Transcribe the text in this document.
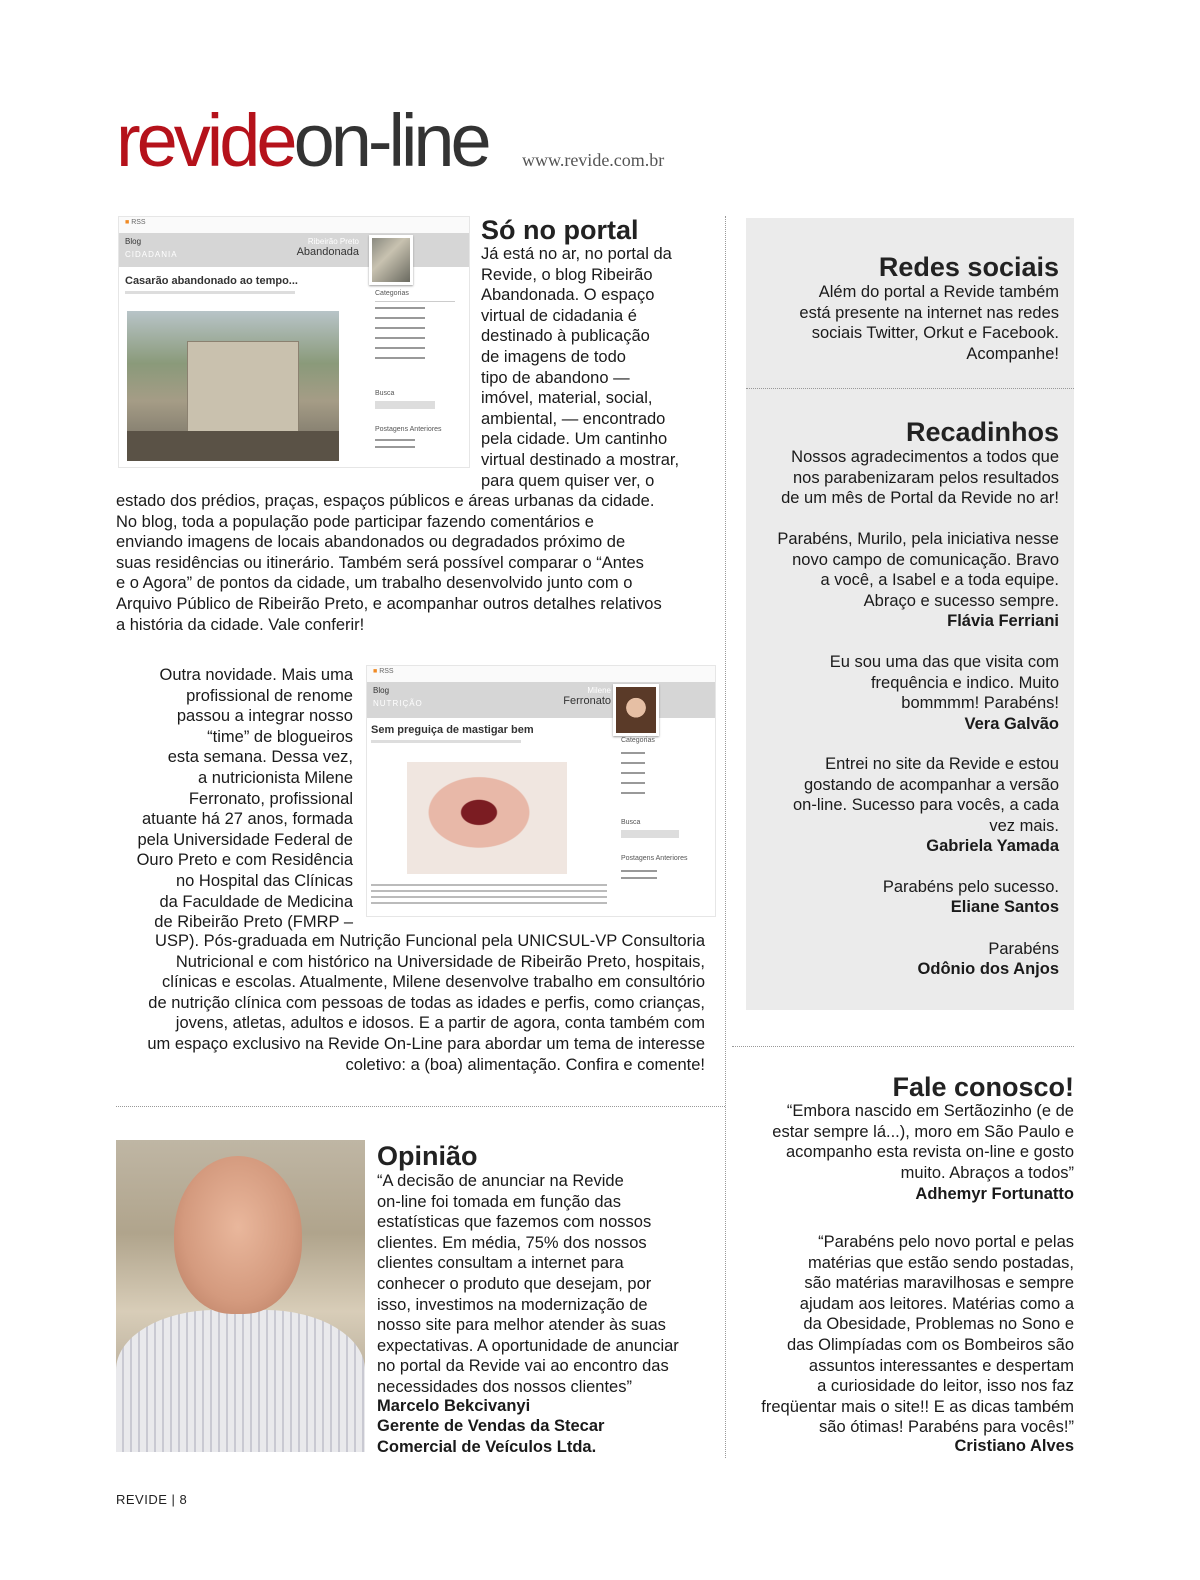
revideon-line www.revide.com.br
■ RSS
Blog
CIDADANIA
Ribeirão Preto
Abandonada
Casarão abandonado ao tempo...
Categorias
Busca
Postagens Anteriores
Só no portal
Já está no ar, no portal da
Revide, o blog Ribeirão
Abandonada. O espaço
virtual de cidadania é
destinado à publicação
de imagens de todo
tipo de abandono —
imóvel, material, social,
ambiental, — encontrado
pela cidade. Um cantinho
virtual destinado a mostrar,
para quem quiser ver, o
estado dos prédios, praças, espaços públicos e áreas urbanas da cidade.
No blog, toda a população pode participar fazendo comentários e
enviando imagens de locais abandonados ou degradados próximo de
suas residências ou itinerário. Também será possível comparar o “Antes
e o Agora” de pontos da cidade, um trabalho desenvolvido junto com o
Arquivo Público de Ribeirão Preto, e acompanhar outros detalhes relativos
a história da cidade. Vale conferir!
Outra novidade. Mais uma
profissional de renome
passou a integrar nosso
“time” de blogueiros
esta semana. Dessa vez,
a nutricionista Milene
Ferronato, profissional
atuante há 27 anos, formada
pela Universidade Federal de
Ouro Preto e com Residência
no Hospital das Clínicas
da Faculdade de Medicina
de Ribeirão Preto (FMRP –
■ RSS
Blog
NUTRIÇÃO
Milene
Ferronato
Sem preguiça de mastigar bem
Categorias
Busca
Postagens Anteriores
USP). Pós-graduada em Nutrição Funcional pela UNICSUL-VP Consultoria
Nutricional e com histórico na Universidade de Ribeirão Preto, hospitais,
clínicas e escolas. Atualmente, Milene desenvolve trabalho em consultório
de nutrição clínica com pessoas de todas as idades e perfis, como crianças,
jovens, atletas, adultos e idosos. E a partir de agora, conta também com
um espaço exclusivo na Revide On-Line para abordar um tema de interesse
coletivo: a (boa) alimentação. Confira e comente!
Opinião
“A decisão de anunciar na Revide
on-line foi tomada em função das
estatísticas que fazemos com nossos
clientes. Em média, 75% dos nossos
clientes consultam a internet para
conhecer o produto que desejam, por
isso, investimos na modernização de
nosso site para melhor atender às suas
expectativas. A oportunidade de anunciar
no portal da Revide vai ao encontro das
necessidades dos nossos clientes”
Marcelo Bekcivanyi
Gerente de Vendas da Stecar
Comercial de Veículos Ltda.
Redes sociais
Além do portal a Revide também
está presente na internet nas redes
sociais Twitter, Orkut e Facebook.
Acompanhe!
Recadinhos
Nossos agradecimentos a todos que
nos parabenizaram pelos resultados
de um mês de Portal da Revide no ar!
Parabéns, Murilo, pela iniciativa nesse
novo campo de comunicação. Bravo
a você, a Isabel e a toda equipe.
Abraço e sucesso sempre.
Flávia Ferriani
Eu sou uma das que visita com
frequência e indico. Muito
bommmm! Parabéns!
Vera Galvão
Entrei no site da Revide e estou
gostando de acompanhar a versão
on-line. Sucesso para vocês, a cada
vez mais.
Gabriela Yamada
Parabéns pelo sucesso.
Eliane Santos
Parabéns
Odônio dos Anjos
Fale conosco!
“Embora nascido em Sertãozinho (e de
estar sempre lá...), moro em São Paulo e
acompanho esta revista on-line e gosto
muito. Abraços a todos”
Adhemyr Fortunatto
“Parabéns pelo novo portal e pelas
matérias que estão sendo postadas,
são matérias maravilhosas e sempre
ajudam aos leitores. Matérias como a
da Obesidade, Problemas no Sono e
das Olimpíadas com os Bombeiros são
assuntos interessantes e despertam
a curiosidade do leitor, isso nos faz
freqüentar mais o site!! E as dicas também
são ótimas! Parabéns para vocês!”
Cristiano Alves
REVIDE | 8
